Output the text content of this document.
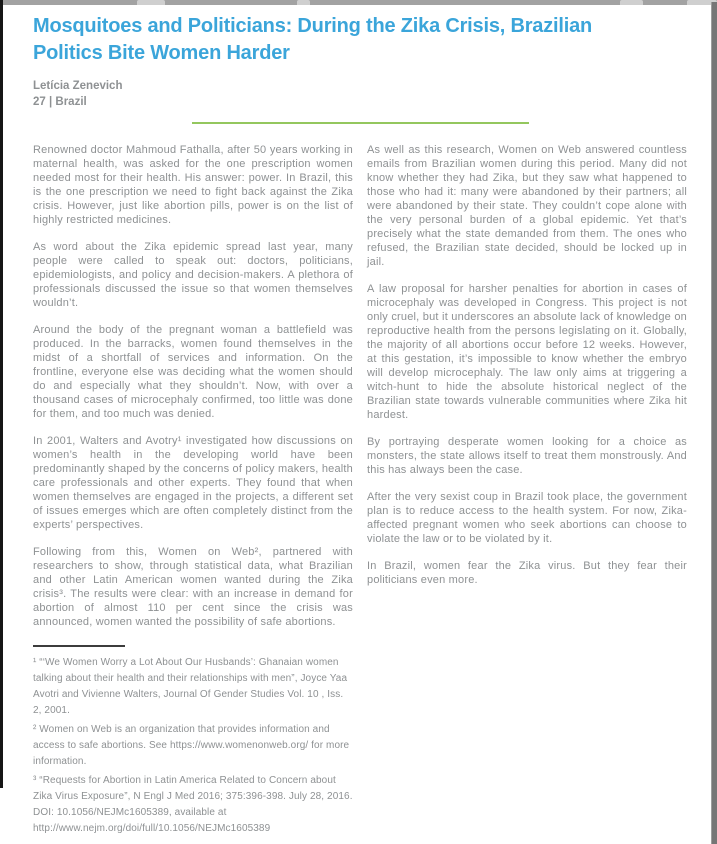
Mosquitoes and Politicians: During the Zika Crisis, Brazilian Politics Bite Women Harder
Letícia Zenevich
27 | Brazil

Renowned doctor Mahmoud Fathalla, after 50 years working in maternal health, was asked for the one prescription women needed most for their health. His answer: power. In Brazil, this is the one prescription we need to fight back against the Zika crisis. However, just like abortion pills, power is on the list of highly restricted medicines.

As word about the Zika epidemic spread last year, many people were called to speak out: doctors, politicians, epidemiologists, and policy and decision-makers. A plethora of professionals discussed the issue so that women themselves wouldn’t.

Around the body of the pregnant woman a battlefield was produced. In the barracks, women found themselves in the midst of a shortfall of services and information. On the frontline, everyone else was deciding what the women should do and especially what they shouldn’t. Now, with over a thousand cases of microcephaly confirmed, too little was done for them, and too much was denied.

In 2001, Walters and Avotry¹ investigated how discussions on women’s health in the developing world have been predominantly shaped by the concerns of policy makers, health care professionals and other experts. They found that when women themselves are engaged in the projects, a different set of issues emerges which are often completely distinct from the experts’ perspectives.

Following from this, Women on Web², partnered with researchers to show, through statistical data, what Brazilian and other Latin American women wanted during the Zika crisis³. The results were clear: with an increase in demand for abortion of almost 110 per cent since the crisis was announced, women wanted the possibility of safe abortions.

¹ “‘We Women Worry a Lot About Our Husbands’: Ghanaian women talking about their health and their relationships with men”, Joyce Yaa Avotri and Vivienne Walters, Journal Of Gender Studies Vol. 10 , Iss. 2, 2001.

² Women on Web is an organization that provides information and access to safe abortions. See https://www.womenonweb.org/ for more information.

³ “Requests for Abortion in Latin America Related to Concern about Zika Virus Exposure”, N Engl J Med 2016; 375:396-398. July 28, 2016. DOI: 10.1056/NEJMc1605389, available at http://www.nejm.org/doi/full/10.1056/NEJMc1605389

As well as this research, Women on Web answered countless emails from Brazilian women during this period. Many did not know whether they had Zika, but they saw what happened to those who had it: many were abandoned by their partners; all were abandoned by their state. They couldn’t cope alone with the very personal burden of a global epidemic. Yet that’s precisely what the state demanded from them. The ones who refused, the Brazilian state decided, should be locked up in jail.

A law proposal for harsher penalties for abortion in cases of microcephaly was developed in Congress. This project is not only cruel, but it underscores an absolute lack of knowledge on reproductive health from the persons legislating on it. Globally, the majority of all abortions occur before 12 weeks. However, at this gestation, it’s impossible to know whether the embryo will develop microcephaly. The law only aims at triggering a witch-hunt to hide the absolute historical neglect of the Brazilian state towards vulnerable communities where Zika hit hardest.

By portraying desperate women looking for a choice as monsters, the state allows itself to treat them monstrously. And this has always been the case.

After the very sexist coup in Brazil took place, the government plan is to reduce access to the health system. For now, Zika-affected pregnant women who seek abortions can choose to violate the law or to be violated by it.

In Brazil, women fear the Zika virus. But they fear their politicians even more.
